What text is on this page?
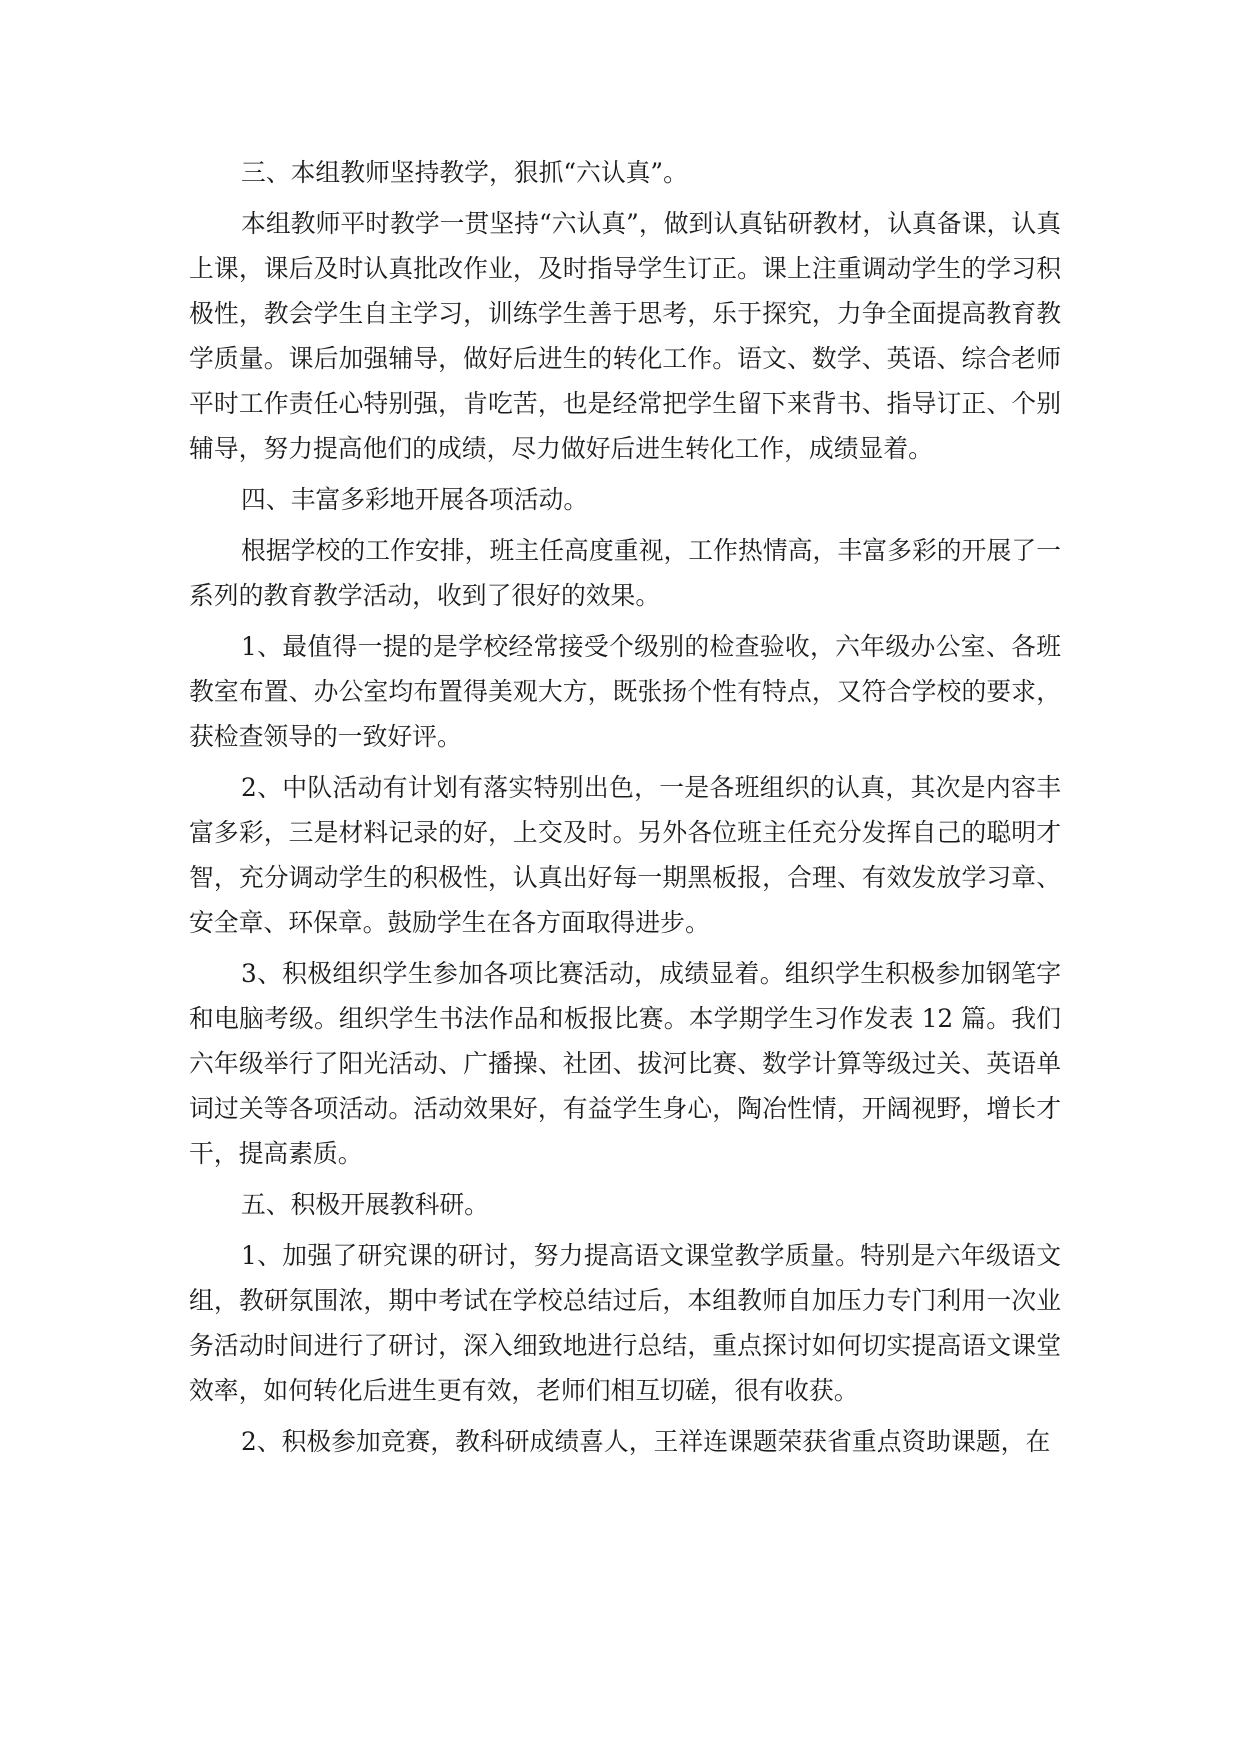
三、本组教师坚持教学，狠抓“六认真”。

本组教师平时教学一贯坚持“六认真”，做到认真钻研教材，认真备课，认真上课，课后及时认真批改作业，及时指导学生订正。课上注重调动学生的学习积极性，教会学生自主学习，训练学生善于思考，乐于探究，力争全面提高教育教学质量。课后加强辅导，做好后进生的转化工作。语文、数学、英语、综合老师平时工作责任心特别强，肯吃苦，也是经常把学生留下来背书、指导订正、个别辅导，努力提高他们的成绩，尽力做好后进生转化工作，成绩显着。

四、丰富多彩地开展各项活动。

根据学校的工作安排，班主任高度重视，工作热情高，丰富多彩的开展了一系列的教育教学活动，收到了很好的效果。

1、最值得一提的是学校经常接受个级别的检查验收，六年级办公室、各班教室布置、办公室均布置得美观大方，既张扬个性有特点，又符合学校的要求，获检查领导的一致好评。

2、中队活动有计划有落实特别出色，一是各班组织的认真，其次是内容丰富多彩，三是材料记录的好，上交及时。另外各位班主任充分发挥自己的聪明才智，充分调动学生的积极性，认真出好每一期黑板报，合理、有效发放学习章、安全章、环保章。鼓励学生在各方面取得进步。

3、积极组织学生参加各项比赛活动，成绩显着。组织学生积极参加钢笔字和电脑考级。组织学生书法作品和板报比赛。本学期学生习作发表 12 篇。我们六年级举行了阳光活动、广播操、社团、拔河比赛、数学计算等级过关、英语单词过关等各项活动。活动效果好，有益学生身心，陶冶性情，开阔视野，增长才干，提高素质。

五、积极开展教科研。

1、加强了研究课的研讨，努力提高语文课堂教学质量。特别是六年级语文组，教研氛围浓，期中考试在学校总结过后，本组教师自加压力专门利用一次业务活动时间进行了研讨，深入细致地进行总结，重点探讨如何切实提高语文课堂效率，如何转化后进生更有效，老师们相互切磋，很有收获。

2、积极参加竞赛，教科研成绩喜人，王祥连课题荣获省重点资助课题，在
